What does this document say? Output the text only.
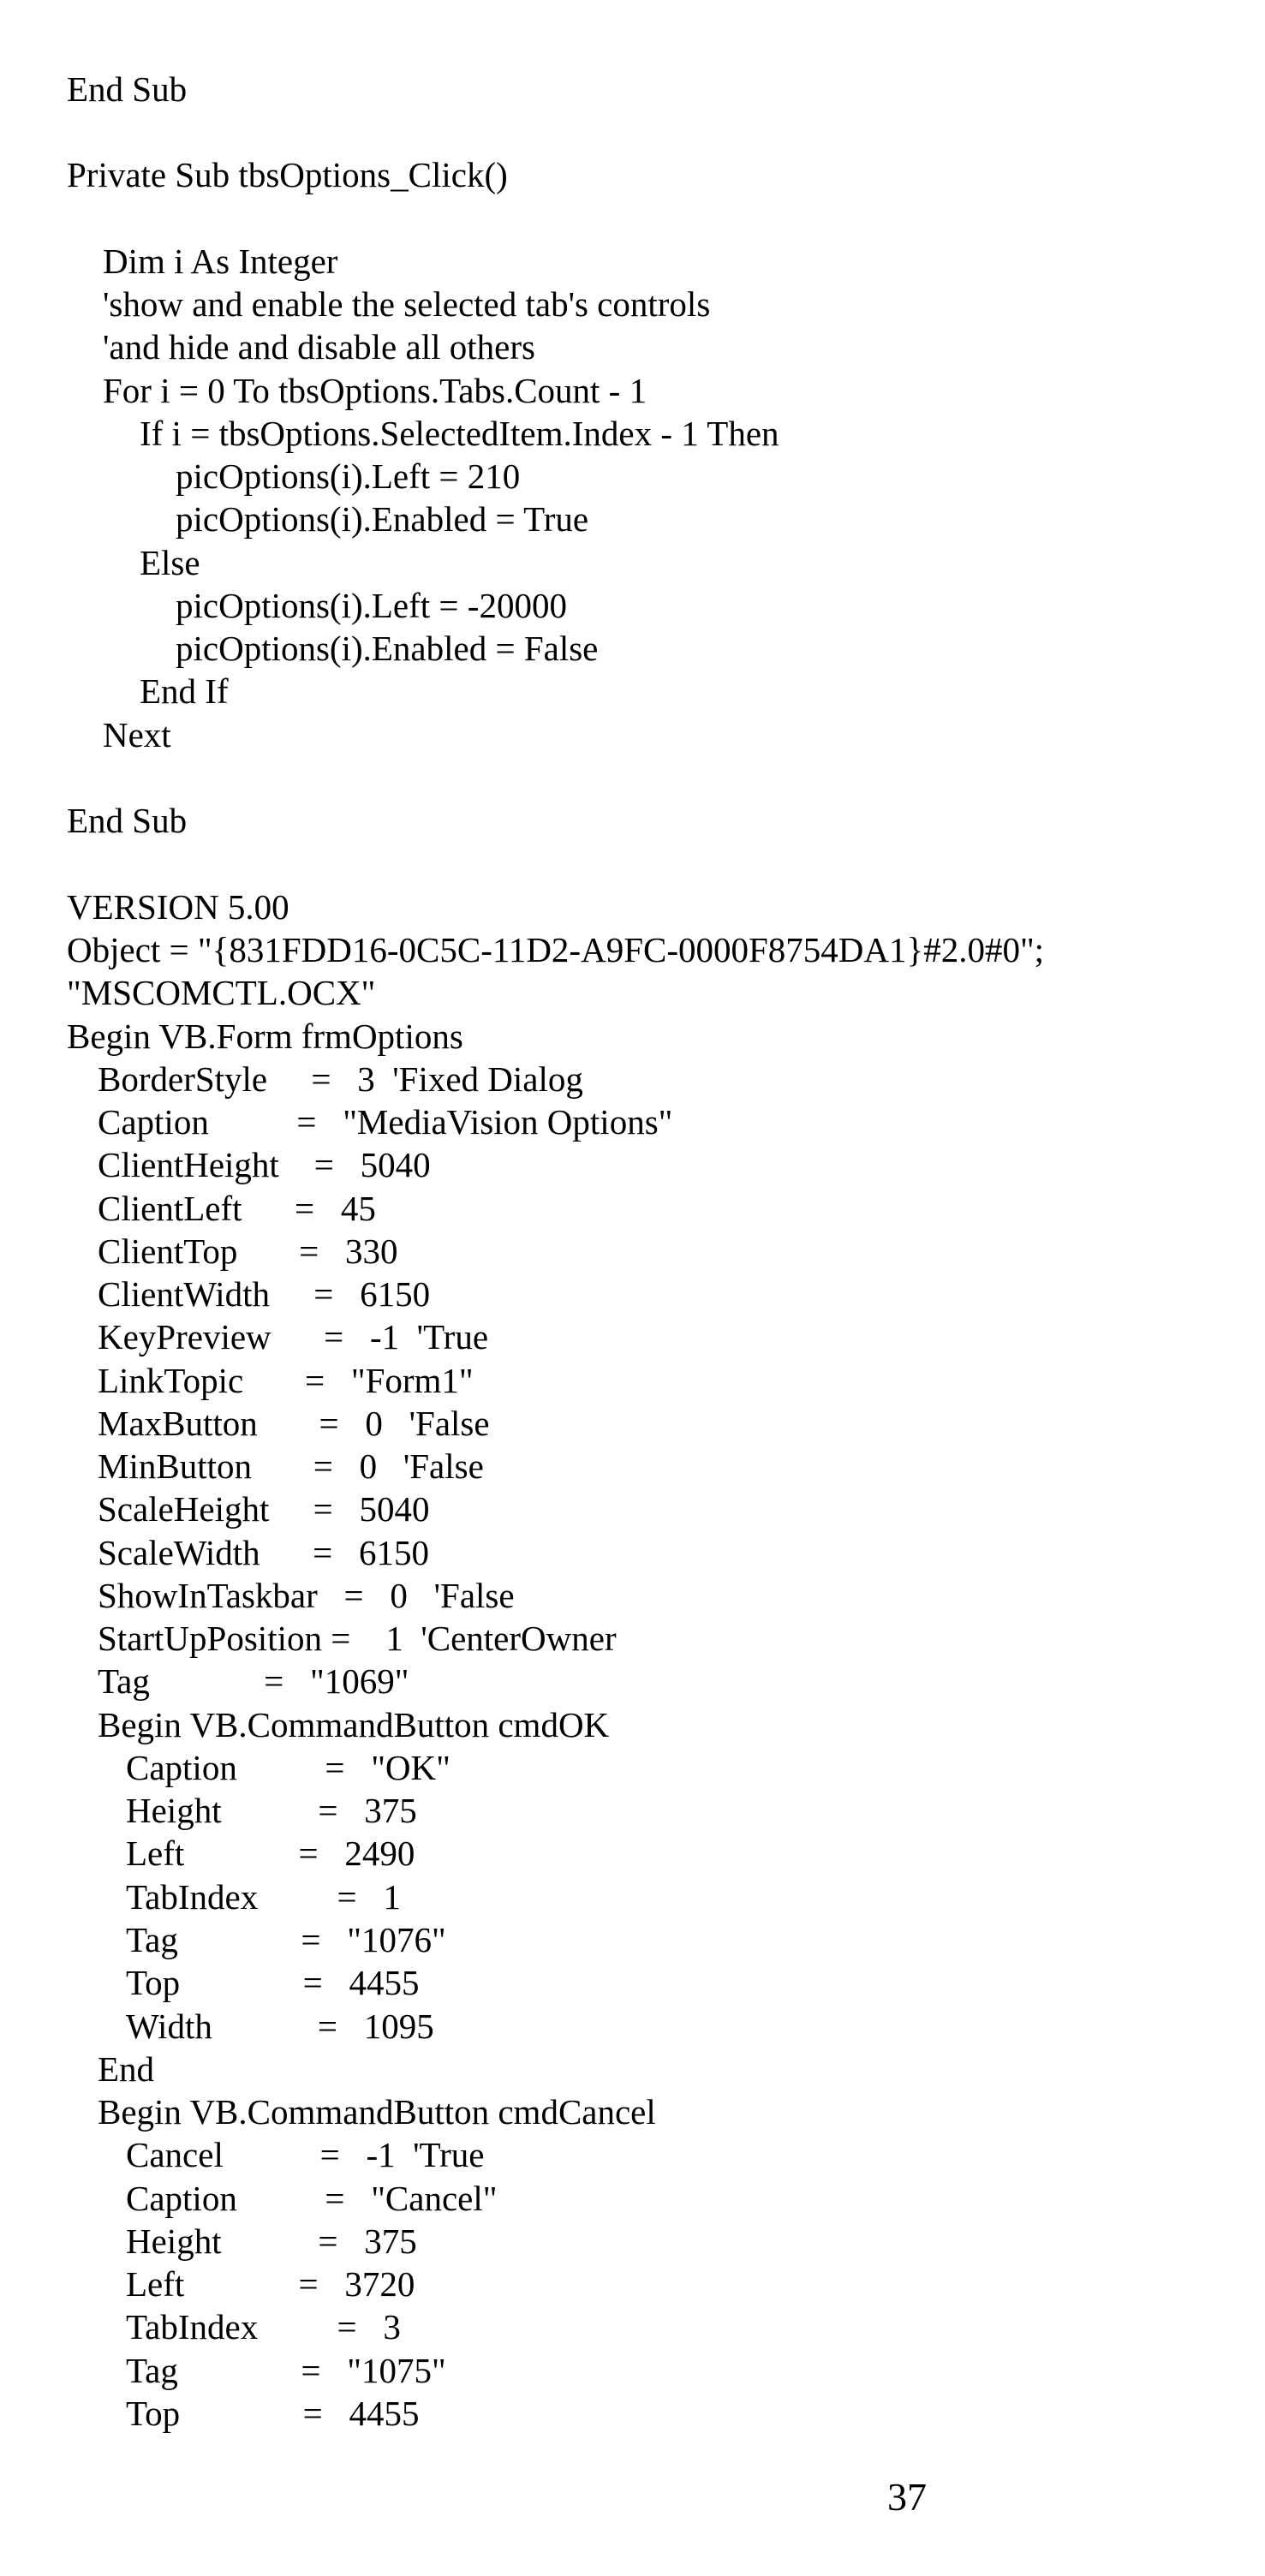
End Sub
Private Sub tbsOptions_Click()
Dim i As Integer
'show and enable the selected tab's controls
'and hide and disable all others
For i = 0 To tbsOptions.Tabs.Count - 1
If i = tbsOptions.SelectedItem.Index - 1 Then
picOptions(i).Left = 210
picOptions(i).Enabled = True
Else
picOptions(i).Left = -20000
picOptions(i).Enabled = False
End If
Next
End Sub
VERSION 5.00
Object = "{831FDD16-0C5C-11D2-A9FC-0000F8754DA1}#2.0#0";
"MSCOMCTL.OCX"
Begin VB.Form frmOptions
BorderStyle     =   3  'Fixed Dialog
Caption          =   "MediaVision Options"
ClientHeight    =   5040
ClientLeft      =   45
ClientTop       =   330
ClientWidth     =   6150
KeyPreview      =   -1  'True
LinkTopic       =   "Form1"
MaxButton       =   0   'False
MinButton       =   0   'False
ScaleHeight     =   5040
ScaleWidth      =   6150
ShowInTaskbar   =   0   'False
StartUpPosition =    1  'CenterOwner
Tag             =   "1069"
Begin VB.CommandButton cmdOK
Caption          =   "OK"
Height           =   375
Left             =   2490
TabIndex         =   1
Tag              =   "1076"
Top              =   4455
Width            =   1095
End
Begin VB.CommandButton cmdCancel
Cancel           =   -1  'True
Caption          =   "Cancel"
Height           =   375
Left             =   3720
TabIndex         =   3
Tag              =   "1075"
Top              =   4455
37
